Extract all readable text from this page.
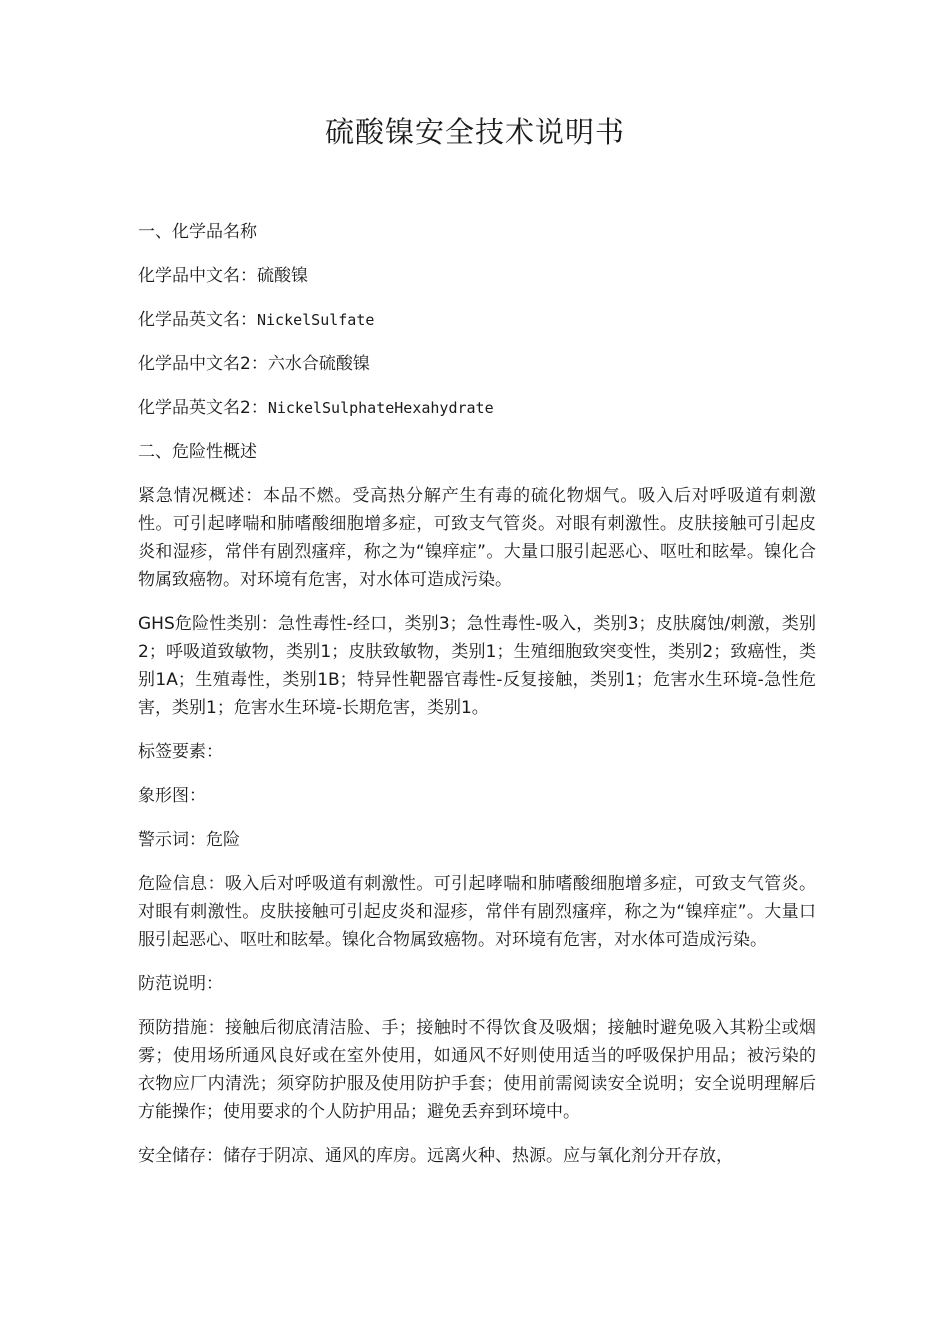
硫酸镍安全技术说明书

一、化学品名称

化学品中文名：硫酸镍

化学品英文名：NickelSulfate

化学品中文名2：六水合硫酸镍

化学品英文名2：NickelSulphateHexahydrate

二、危险性概述

紧急情况概述：本品不燃。受高热分解产生有毒的硫化物烟气。吸入后对呼吸道有刺激性。可引起哮喘和肺嗜酸细胞增多症，可致支气管炎。对眼有刺激性。皮肤接触可引起皮炎和湿疹，常伴有剧烈瘙痒，称之为“镍痒症”。大量口服引起恶心、呕吐和眩晕。镍化合物属致癌物。对环境有危害，对水体可造成污染。

GHS危险性类别：急性毒性-经口，类别3；急性毒性-吸入，类别3；皮肤腐蚀/刺激，类别2；呼吸道致敏物，类别1；皮肤致敏物，类别1；生殖细胞致突变性，类别2；致癌性，类别1A；生殖毒性，类别1B；特异性靶器官毒性-反复接触，类别1；危害水生环境-急性危害，类别1；危害水生环境-长期危害，类别1。

标签要素：

象形图：

警示词：危险

危险信息：吸入后对呼吸道有刺激性。可引起哮喘和肺嗜酸细胞增多症，可致支气管炎。对眼有刺激性。皮肤接触可引起皮炎和湿疹，常伴有剧烈瘙痒，称之为“镍痒症”。大量口服引起恶心、呕吐和眩晕。镍化合物属致癌物。对环境有危害，对水体可造成污染。

防范说明：

预防措施：接触后彻底清洁脸、手；接触时不得饮食及吸烟；接触时避免吸入其粉尘或烟雾；使用场所通风良好或在室外使用，如通风不好则使用适当的呼吸保护用品；被污染的衣物应厂内清洗；须穿防护服及使用防护手套；使用前需阅读安全说明；安全说明理解后方能操作；使用要求的个人防护用品；避免丢弃到环境中。

安全储存：储存于阴凉、通风的库房。远离火种、热源。应与氧化剂分开存放，
